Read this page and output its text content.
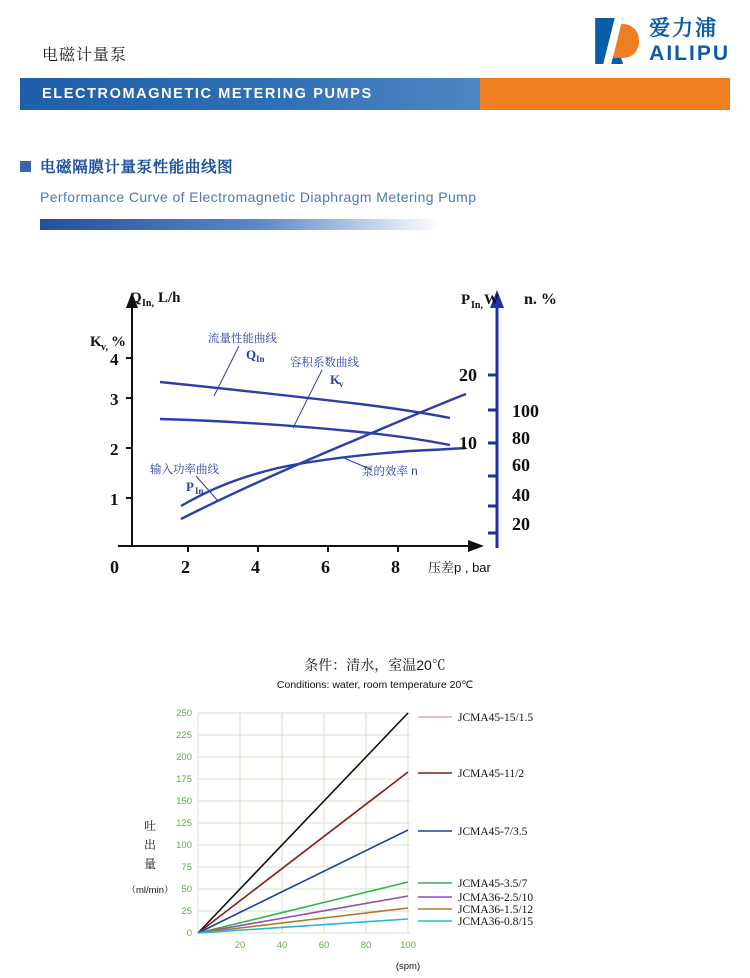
电磁计量泵
爱力浦
AILIPU
ELECTROMAGNETIC METERING PUMPS
电磁隔膜计量泵性能曲线图
Performance Curve of Electromagnetic Diaphragm Metering Pump
Q In, L/h
K v, %
4
3
2
1
0	2	4	6	8 压差p , bar
P In, W n. %
20
10
100
80
60
40
20
流量性能曲线
Q In 容积系数曲线
K
v
输入功率曲线
P In
泵的效率 n
条件：清水，室温20℃
Conditions: water, room temperature 20℃
250
225
200
175
150
125
100
75
50
25
0
20	40	60	80	100
吐
出
量
（ml/min）
(spm)
JCMA45-15/1.5
JCMA45-11/2
JCMA45-7/3.5
JCMA45-3.5/7
JCMA36-2.5/10
JCMA36-1.5/12
JCMA36-0.8/15
